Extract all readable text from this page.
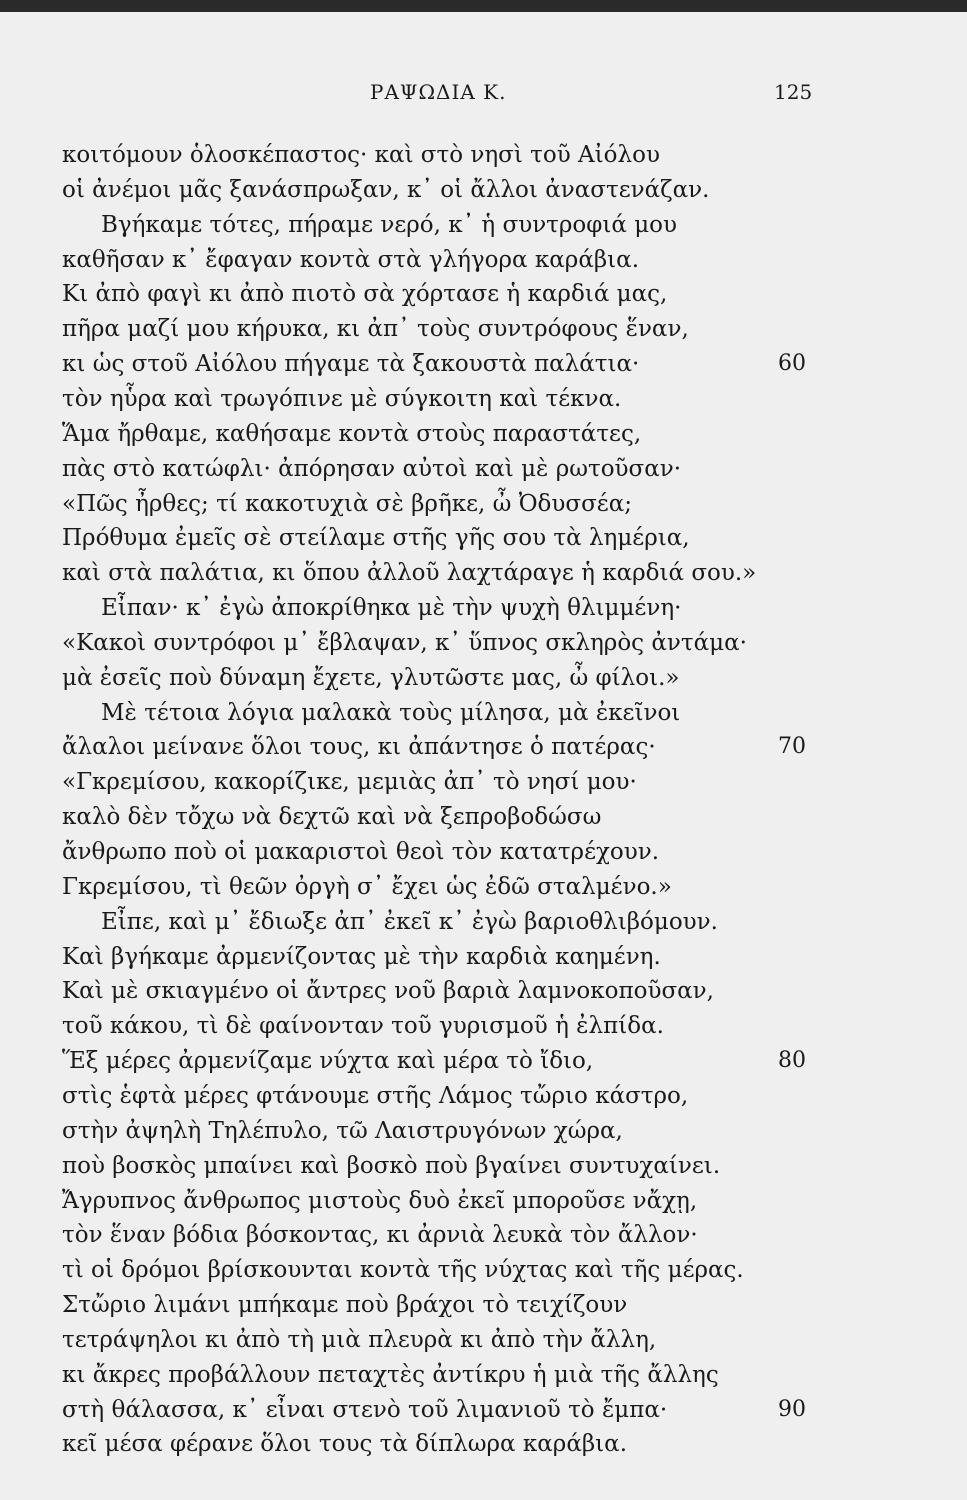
ΡΑΨΩΔΙΑ Κ.	125
κοιτόμουν ὁλοσκέπαστος· καὶ στὸ νησὶ τοῦ Αἰόλου
οἱ ἀνέμοι μᾶς ξανάσπρωξαν, κ᾽ οἱ ἄλλοι ἀναστενάζαν.
Βγήκαμε τότες, πήραμε νερό, κ᾽ ἡ συντροφιά μου
καθῆσαν κ᾽ ἔφαγαν κοντὰ στὰ γλήγορα καράβια.
Κι ἀπὸ φαγὶ κι ἀπὸ πιοτὸ σὰ χόρτασε ἡ καρδιά μας,
πῆρα μαζί μου κήρυκα, κι ἀπ᾽ τοὺς συντρόφους ἕναν,
κι ὡς στοῦ Αἰόλου πήγαμε τὰ ξακουστὰ παλάτια·	60
τὸν ηὗρα καὶ τρωγόπινε μὲ σύγκοιτη καὶ τέκνα.
Ἅμα ἤρθαμε, καθήσαμε κοντὰ στοὺς παραστάτες,
πὰς στὸ κατώφλι· ἀπόρησαν αὐτοὶ καὶ μὲ ρωτοῦσαν·
«Πῶς ἦρθες; τί κακοτυχιὰ σὲ βρῆκε, ὦ Ὀδυσσέα;
Πρόθυμα ἐμεῖς σὲ στείλαμε στῆς γῆς σου τὰ λημέρια,
καὶ στὰ παλάτια, κι ὅπου ἀλλοῦ λαχτάραγε ἡ καρδιά σου.»
Εἶπαν· κ᾽ ἐγὼ ἀποκρίθηκα μὲ τὴν ψυχὴ θλιμμένη·
«Κακοὶ συντρόφοι μ᾽ ἔβλαψαν, κ᾽ ὕπνος σκληρὸς ἀντάμα·
μὰ ἐσεῖς ποὺ δύναμη ἔχετε, γλυτῶστε μας, ὦ φίλοι.»
Μὲ τέτοια λόγια μαλακὰ τοὺς μίλησα, μὰ ἐκεῖνοι
ἄλαλοι μείνανε ὅλοι τους, κι ἀπάντησε ὁ πατέρας·	70
«Γκρεμίσου, κακορίζικε, μεμιὰς ἀπ᾽ τὸ νησί μου·
καλὸ δὲν τὄχω νὰ δεχτῶ καὶ νὰ ξεπροβοδώσω
ἄνθρωπο ποὺ οἱ μακαριστοὶ θεοὶ τὸν κατατρέχουν.
Γκρεμίσου, τὶ θεῶν ὀργὴ σ᾽ ἔχει ὡς ἐδῶ σταλμένο.»
Εἶπε, καὶ μ᾽ ἔδιωξε ἀπ᾽ ἐκεῖ κ᾽ ἐγὼ βαριοθλιβόμουν.
Καὶ βγήκαμε ἀρμενίζοντας μὲ τὴν καρδιὰ καημένη.
Καὶ μὲ σκιαγμένο οἱ ἄντρες νοῦ βαριὰ λαμνοκοποῦσαν,
τοῦ κάκου, τὶ δὲ φαίνονταν τοῦ γυρισμοῦ ἡ ἐλπίδα.
Ἕξ μέρες ἀρμενίζαμε νύχτα καὶ μέρα τὸ ἴδιο,	80
στὶς ἑφτὰ μέρες φτάνουμε στῆς Λάμος τὤριο κάστρο,
στὴν ἀψηλὴ Τηλέπυλο, τῶ Λαιστρυγόνων χώρα,
ποὺ βοσκὸς μπαίνει καὶ βοσκὸ ποὺ βγαίνει συντυχαίνει.
Ἄγρυπνος ἄνθρωπος μιστοὺς δυὸ ἐκεῖ μποροῦσε νἄχῃ,
τὸν ἕναν βόδια βόσκοντας, κι ἀρνιὰ λευκὰ τὸν ἄλλον·
τὶ οἱ δρόμοι βρίσκουνται κοντὰ τῆς νύχτας καὶ τῆς μέρας.
Στὤριο λιμάνι μπήκαμε ποὺ βράχοι τὸ τειχίζουν
τετράψηλοι κι ἀπὸ τὴ μιὰ πλευρὰ κι ἀπὸ τὴν ἄλλη,
κι ἄκρες προβάλλουν πεταχτὲς ἀντίκρυ ἡ μιὰ τῆς ἄλλης
στὴ θάλασσα, κ᾽ εἶναι στενὸ τοῦ λιμανιοῦ τὸ ἔμπα·	90
κεῖ μέσα φέρανε ὅλοι τους τὰ δίπλωρα καράβια.
